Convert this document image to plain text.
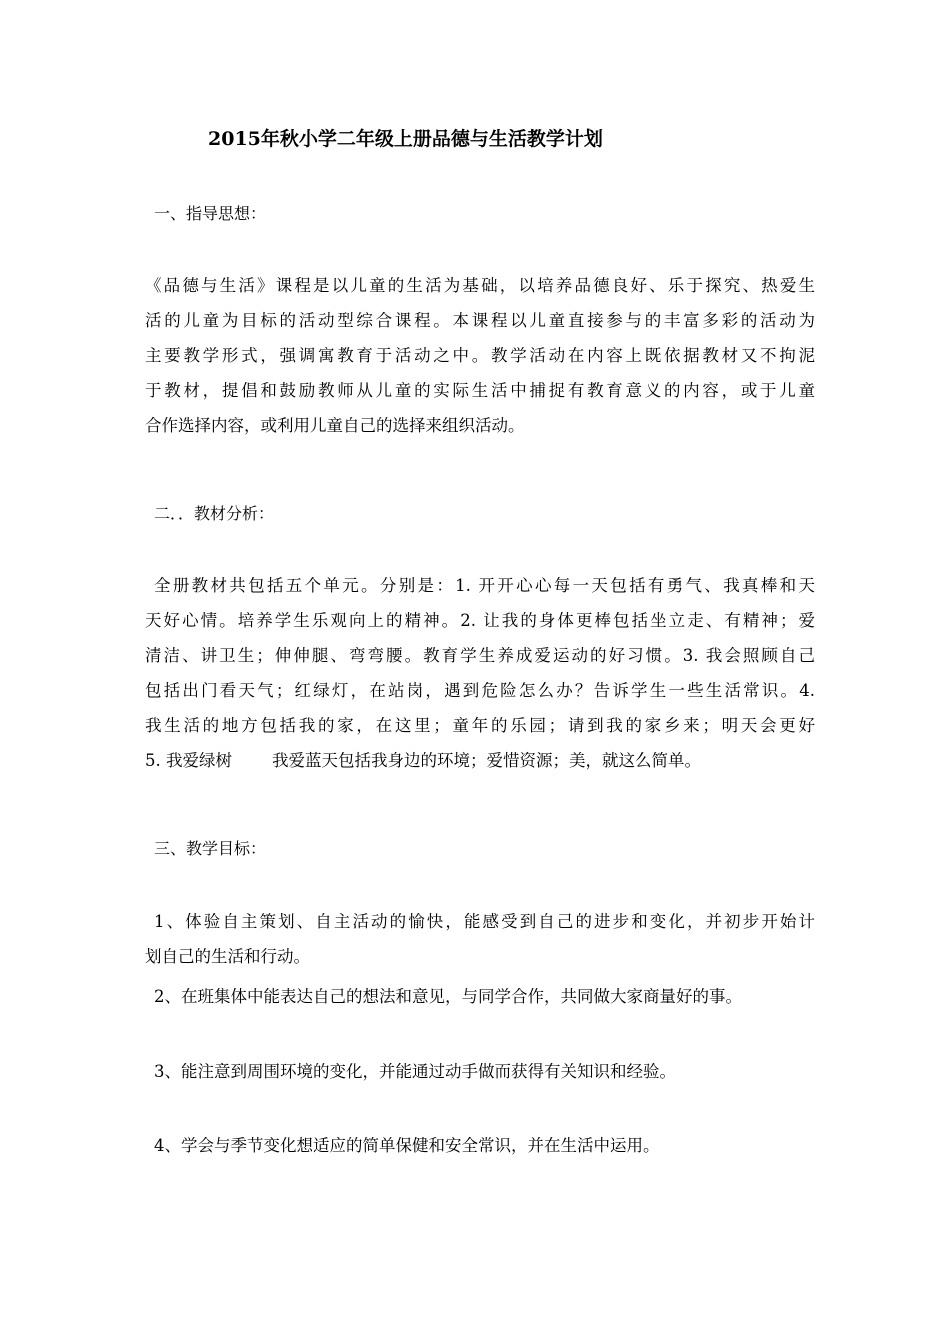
2015年秋小学二年级上册品德与生活教学计划
一、指导思想：
《品德与生活》课程是以儿童的生活为基础，以培养品德良好、乐于探究、热爱生
活的儿童为目标的活动型综合课程。本课程以儿童直接参与的丰富多彩的活动为
主要教学形式，强调寓教育于活动之中。教学活动在内容上既依据教材又不拘泥
于教材，提倡和鼓励教师从儿童的实际生活中捕捉有教育意义的内容，或于儿童
合作选择内容，或利用儿童自己的选择来组织活动。
二．．教材分析：
全册教材共包括五个单元。分别是：1. 开开心心每一天包括有勇气、我真棒和天
天好心情。培养学生乐观向上的精神。2. 让我的身体更棒包括坐立走、有精神；爱
清洁、讲卫生；伸伸腿、弯弯腰。教育学生养成爱运动的好习惯。3. 我会照顾自己
包括出门看天气；红绿灯，在站岗，遇到危险怎么办？告诉学生一些生活常识。4.
我生活的地方包括我的家，在这里；童年的乐园；请到我的家乡来；明天会更好
5. 我爱绿树 我爱蓝天包括我身边的环境；爱惜资源；美，就这么简单。
三、教学目标：
1、体验自主策划、自主活动的愉快，能感受到自己的进步和变化，并初步开始计
划自己的生活和行动。
2、在班集体中能表达自己的想法和意见，与同学合作，共同做大家商量好的事。
3、能注意到周围环境的变化，并能通过动手做而获得有关知识和经验。
4、学会与季节变化想适应的简单保健和安全常识，并在生活中运用。
